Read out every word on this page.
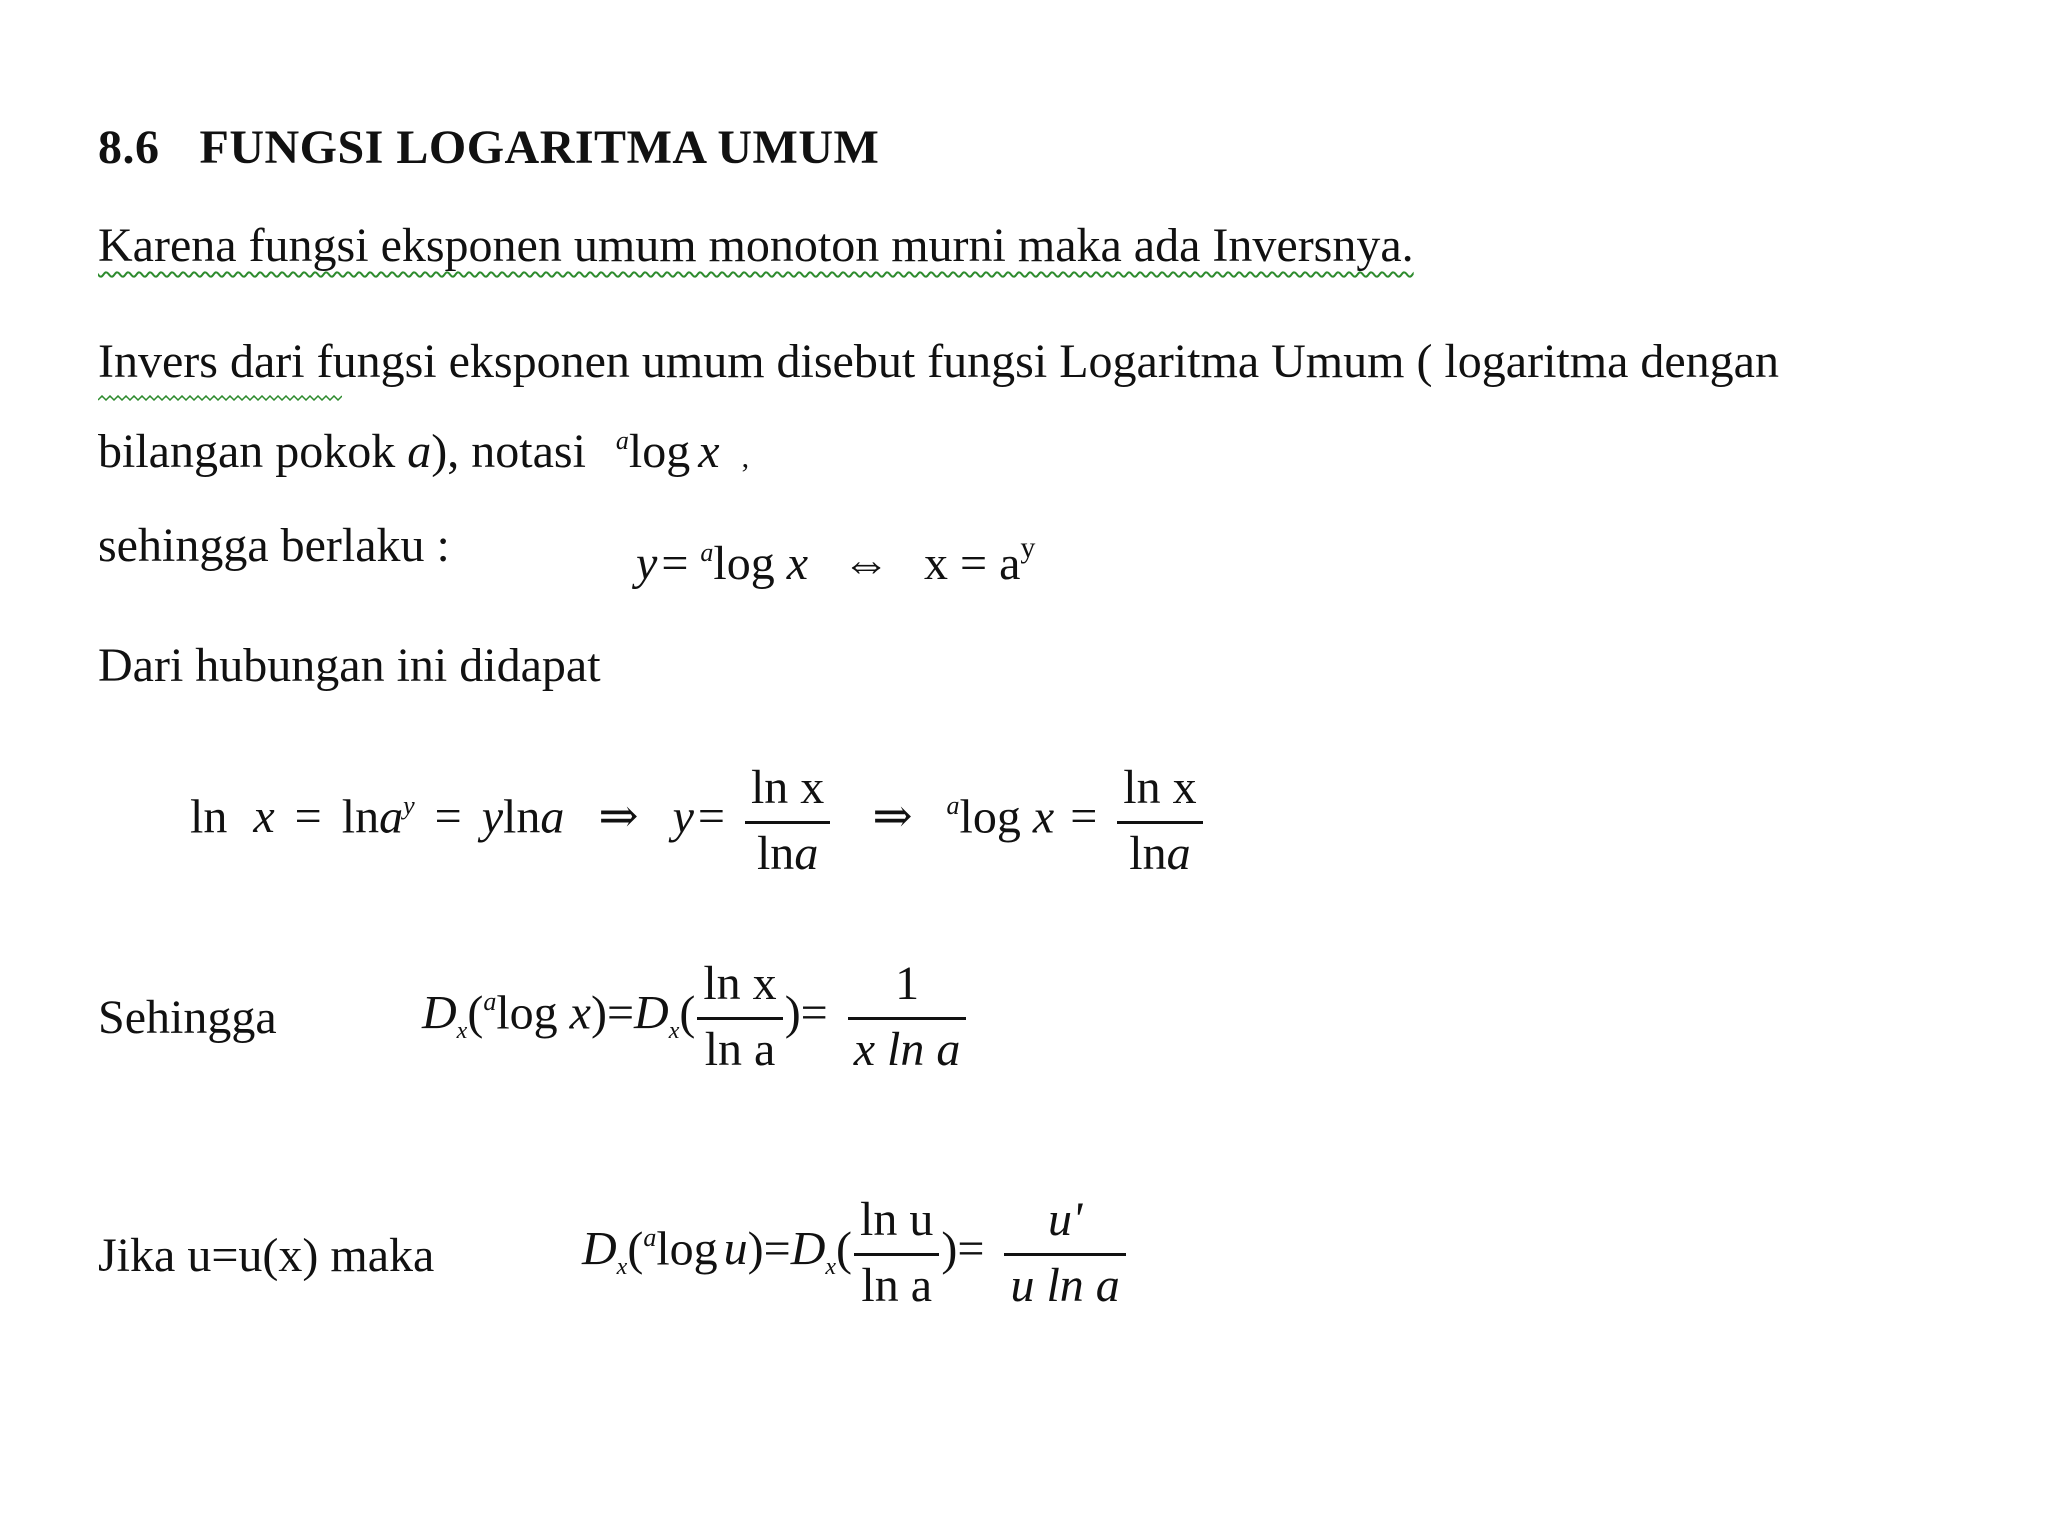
8.6 FUNGSI LOGARITMA UMUM
Karena fungsi eksponen umum monoton murni maka ada Inversnya.
Invers dari fungsi eksponen umum disebut fungsi Logaritma Umum ( logaritma dengan
bilangan pokok a), notasi $^a$log x ,
sehingga berlaku :	y= $^a$log x ⇔ $x = a^y$
Dari hubungan ini didapat
ln x = lna$^y$ = ylna ⇒ $y= \frac{\text{ln x}}{\ln a}$ ⇒ $^a$log $x = \frac{\text{ln x}}{\ln a}$
Sehingga	$D_x(^a\log$ $x)=D_x( \frac{\text{ln x}}{\text{ln a}}$ )= $\frac{1}{\text{x ln a}}$
Jika u=u(x) maka	$D_x(^a\log$ $u)=D_x( \frac{\text{ln u}}{\text{ln a}}$ )= $\frac{u'}{\text{u ln a}}$
